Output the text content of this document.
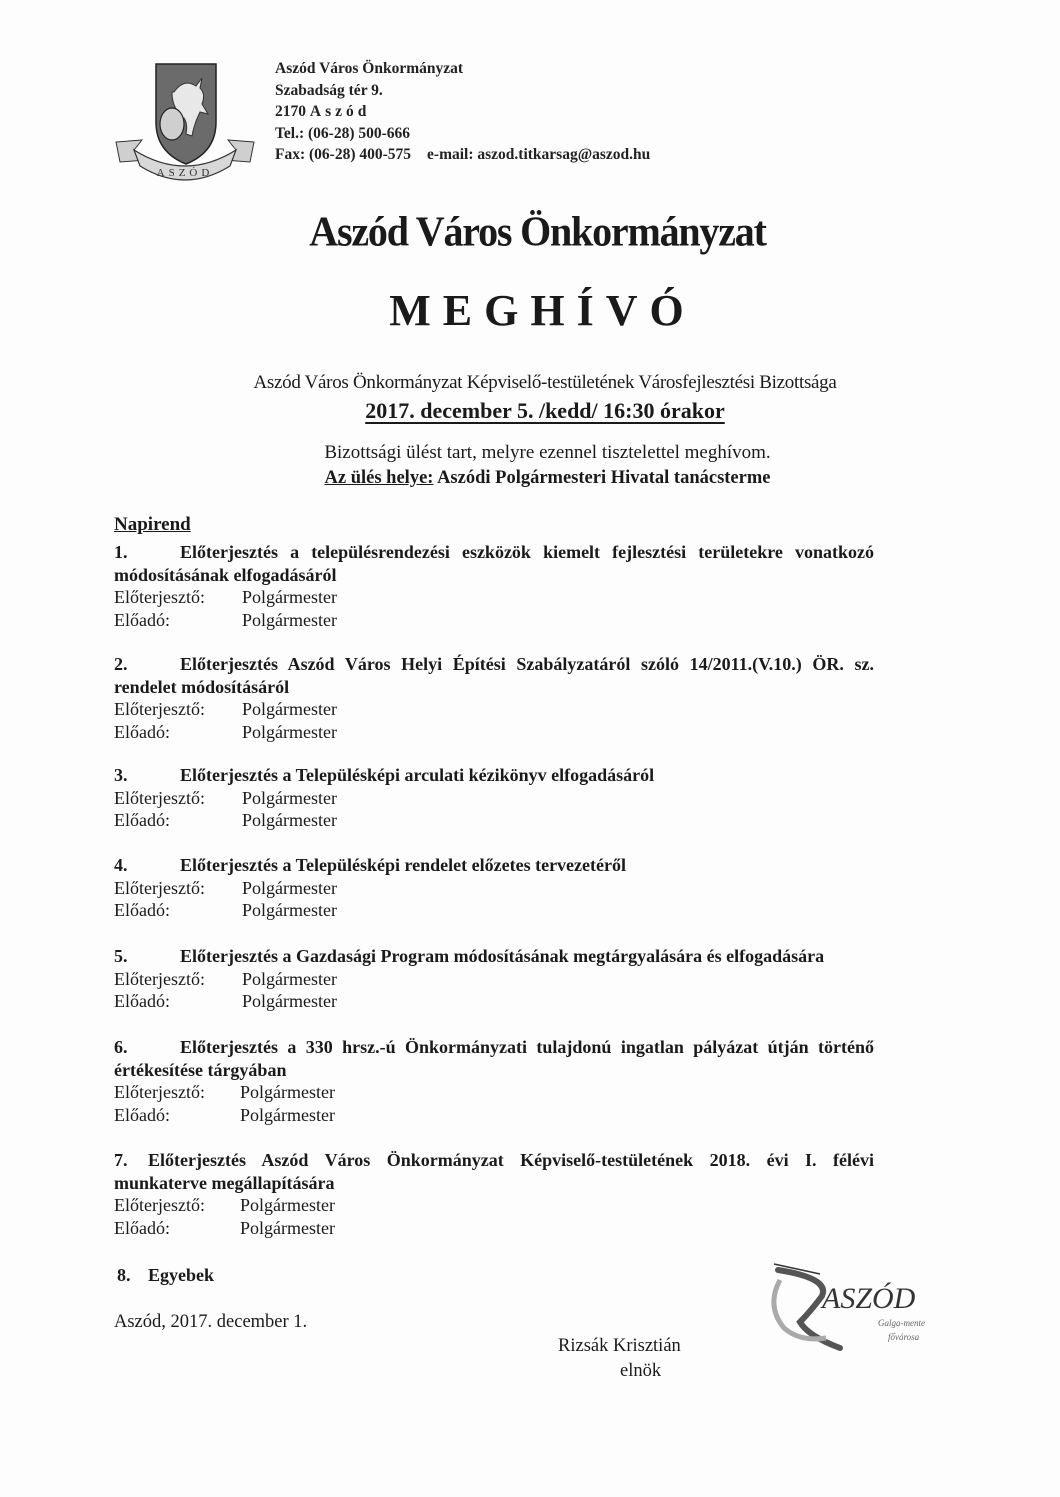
ASZÓD
Aszód Város Önkormányzat
Szabadság tér 9.
2170 Aszód
Tel.: (06-28) 500-666
Fax: (06-28) 400-575 e-mail: aszod.titkarsag@aszod.hu
Aszód Város Önkormányzat
MEGHÍVÓ
Aszód Város Önkormányzat Képviselő-testületének Városfejlesztési Bizottsága
2017. december 5. /kedd/ 16:30 órakor
Bizottsági ülést tart, melyre ezennel tisztelettel meghívom.
Az ülés helye: Aszódi Polgármesteri Hivatal tanácsterme
Napirend
1.	Előterjesztés a településrendezési eszközök kiemelt fejlesztési területekre vonatkozó módosításának elfogadásáról
Előterjesztő:	Polgármester
Előadó:	Polgármester
2.	Előterjesztés Aszód Város Helyi Építési Szabályzatáról szóló 14/2011.(V.10.) ÖR. sz. rendelet módosításáról
Előterjesztő:	Polgármester
Előadó:	Polgármester
3.	Előterjesztés a Településképi arculati kézikönyv elfogadásáról
Előterjesztő:	Polgármester
Előadó:	Polgármester
4.	Előterjesztés a Településképi rendelet előzetes tervezetéről
Előterjesztő:	Polgármester
Előadó:	Polgármester
5.	Előterjesztés a Gazdasági Program módosításának megtárgyalására és elfogadására
Előterjesztő:	Polgármester
Előadó:	Polgármester
6.	Előterjesztés a 330 hrsz.-ú Önkormányzati tulajdonú ingatlan pályázat útján történő értékesítése tárgyában
Előterjesztő:	Polgármester
Előadó:	Polgármester
7. Előterjesztés Aszód Város Önkormányzat Képviselő-testületének 2018. évi I. félévi munkaterve megállapítására
Előterjesztő:	Polgármester
Előadó:	Polgármester
8. Egyebek
Aszód, 2017. december 1.
ASZÓD
Galga-mente
fővárosa
Rizsák Krisztián
elnök
